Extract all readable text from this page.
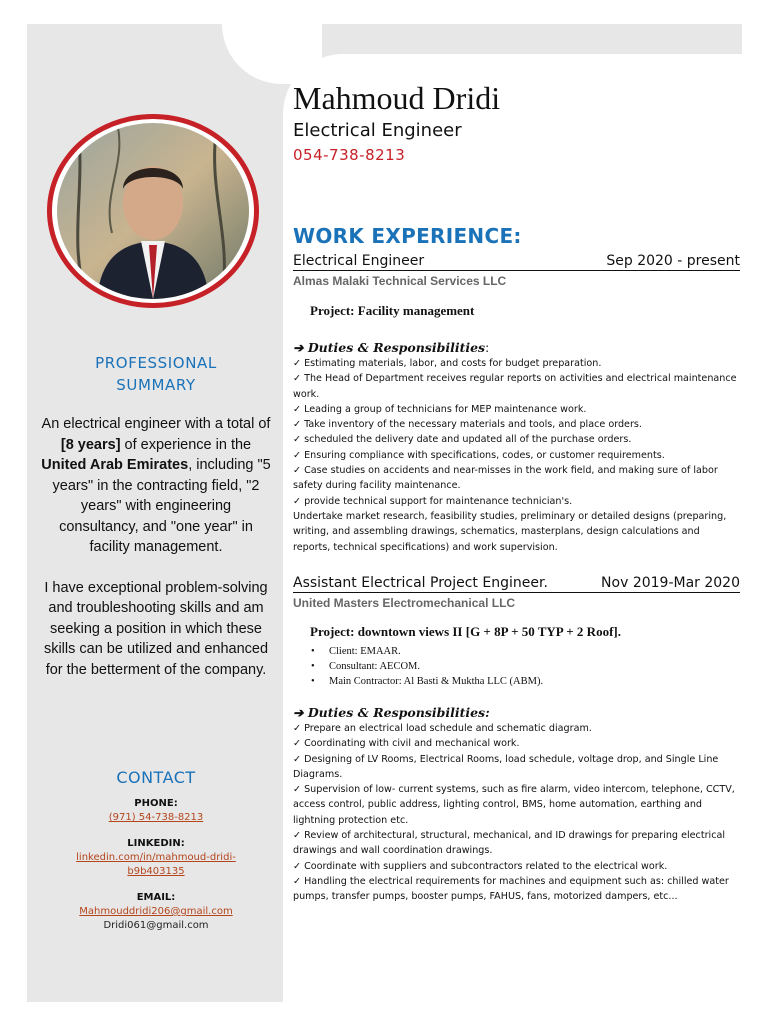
PROFESSIONAL
SUMMARY

An electrical engineer with a total of [8 years] of experience in the United Arab Emirates, including "5 years" in the contracting field, "2 years" with engineering consultancy, and "one year" in facility management.

I have exceptional problem-solving and troubleshooting skills and am seeking a position in which these skills can be utilized and enhanced for the betterment of the company.

CONTACT
PHONE:
(971) 54-738-8213
LINKEDIN:
linkedin.com/in/mahmoud-dridi-
b9b403135
EMAIL:
Mahmouddridi206@gmail.com
Dridi061@gmail.com
Mahmoud Dridi
Electrical Engineer
054-738-8213
WORK EXPERIENCE:
Electrical Engineer	Sep 2020 - present
Almas Malaki Technical Services LLC
Project: Facility management
➔ Duties & Responsibilities:
✓ Estimating materials, labor, and costs for budget preparation.
✓ The Head of Department receives regular reports on activities and electrical maintenance work.
✓ Leading a group of technicians for MEP maintenance work.
✓ Take inventory of the necessary materials and tools, and place orders.
✓ scheduled the delivery date and updated all of the purchase orders.
✓ Ensuring compliance with specifications, codes, or customer requirements.
✓ Case studies on accidents and near-misses in the work field, and making sure of labor safety during facility maintenance.
✓ provide technical support for maintenance technician's.
Undertake market research, feasibility studies, preliminary or detailed designs (preparing, writing, and assembling drawings, schematics, masterplans, design calculations and reports, technical specifications) and work supervision.
Assistant Electrical Project Engineer.	Nov 2019-Mar 2020
United Masters Electromechanical LLC
Project: downtown views II [G + 8P + 50 TYP + 2 Roof].
• Client: EMAAR.
• Consultant: AECOM.
• Main Contractor: Al Basti & Muktha LLC (ABM).
➔ Duties & Responsibilities:
✓ Prepare an electrical load schedule and schematic diagram.
✓ Coordinating with civil and mechanical work.
✓ Designing of LV Rooms, Electrical Rooms, load schedule, voltage drop, and Single Line Diagrams.
✓ Supervision of low- current systems, such as fire alarm, video intercom, telephone, CCTV, access control, public address, lighting control, BMS, home automation, earthing and lightning protection etc.
✓ Review of architectural, structural, mechanical, and ID drawings for preparing electrical drawings and wall coordination drawings.
✓ Coordinate with suppliers and subcontractors related to the electrical work.
✓ Handling the electrical requirements for machines and equipment such as: chilled water pumps, transfer pumps, booster pumps, FAHUS, fans, motorized dampers, etc...
